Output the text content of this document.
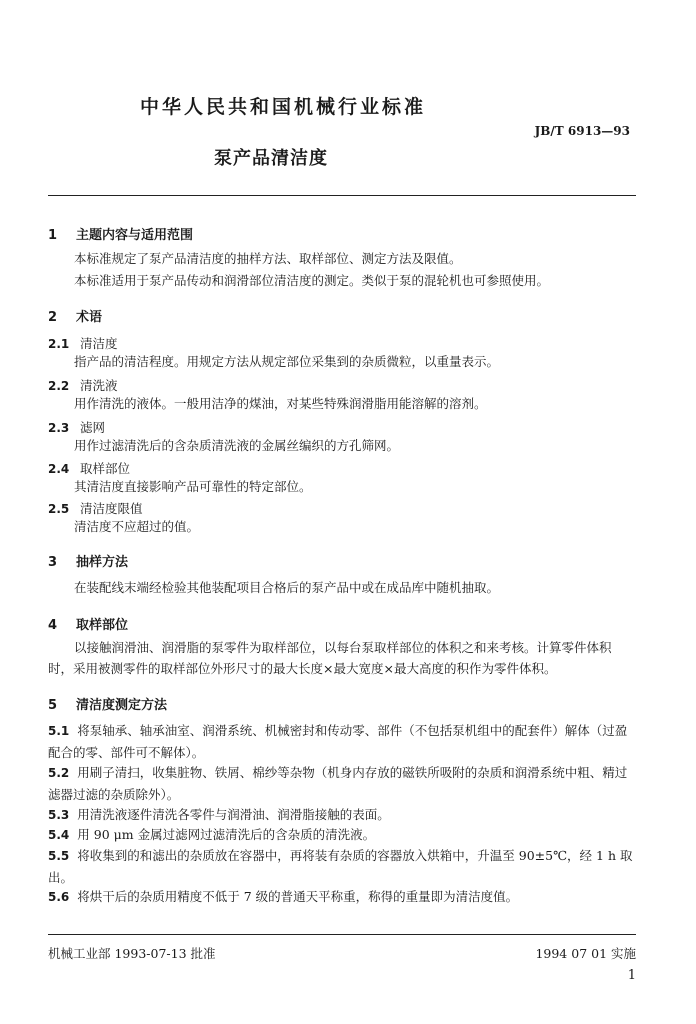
中华人民共和国机械行业标准
JB/T 6913—93
泵产品清洁度
1 主题内容与适用范围
本标准规定了泵产品清洁度的抽样方法、取样部位、测定方法及限值。
本标准适用于泵产品传动和润滑部位清洁度的测定。类似于泵的混轮机也可参照使用。
2 术语
2.1 清洁度
指产品的清洁程度。用规定方法从规定部位采集到的杂质微粒，以重量表示。
2.2 清洗液
用作清洗的液体。一般用洁净的煤油，对某些特殊润滑脂用能溶解的溶剂。
2.3 滤网
用作过滤清洗后的含杂质清洗液的金属丝编织的方孔筛网。
2.4 取样部位
其清洁度直接影响产品可靠性的特定部位。
2.5 清洁度限值
清洁度不应超过的值。
3 抽样方法
在装配线末端经检验其他装配项目合格后的泵产品中或在成品库中随机抽取。
4 取样部位
以接触润滑油、润滑脂的泵零件为取样部位，以每台泵取样部位的体积之和来考核。计算零件体积时，采用被测零件的取样部位外形尺寸的最大长度×最大宽度×最大高度的积作为零件体积。
5 清洁度测定方法
5.1 将泵轴承、轴承油室、润滑系统、机械密封和传动零、部件（不包括泵机组中的配套件）解体（过盈配合的零、部件可不解体）。
5.2 用刷子清扫，收集脏物、铁屑、棉纱等杂物（机身内存放的磁铁所吸附的杂质和润滑系统中粗、精过滤器过滤的杂质除外）。
5.3 用清洗液逐件清洗各零件与润滑油、润滑脂接触的表面。
5.4 用 90 μm 金属过滤网过滤清洗后的含杂质的清洗液。
5.5 将收集到的和滤出的杂质放在容器中，再将装有杂质的容器放入烘箱中，升温至 90±5℃，经 1 h 取出。
5.6 将烘干后的杂质用精度不低于 7 级的普通天平称重，称得的重量即为清洁度值。
机械工业部 1993-07-13 批准	1994 07 01 实施
1
